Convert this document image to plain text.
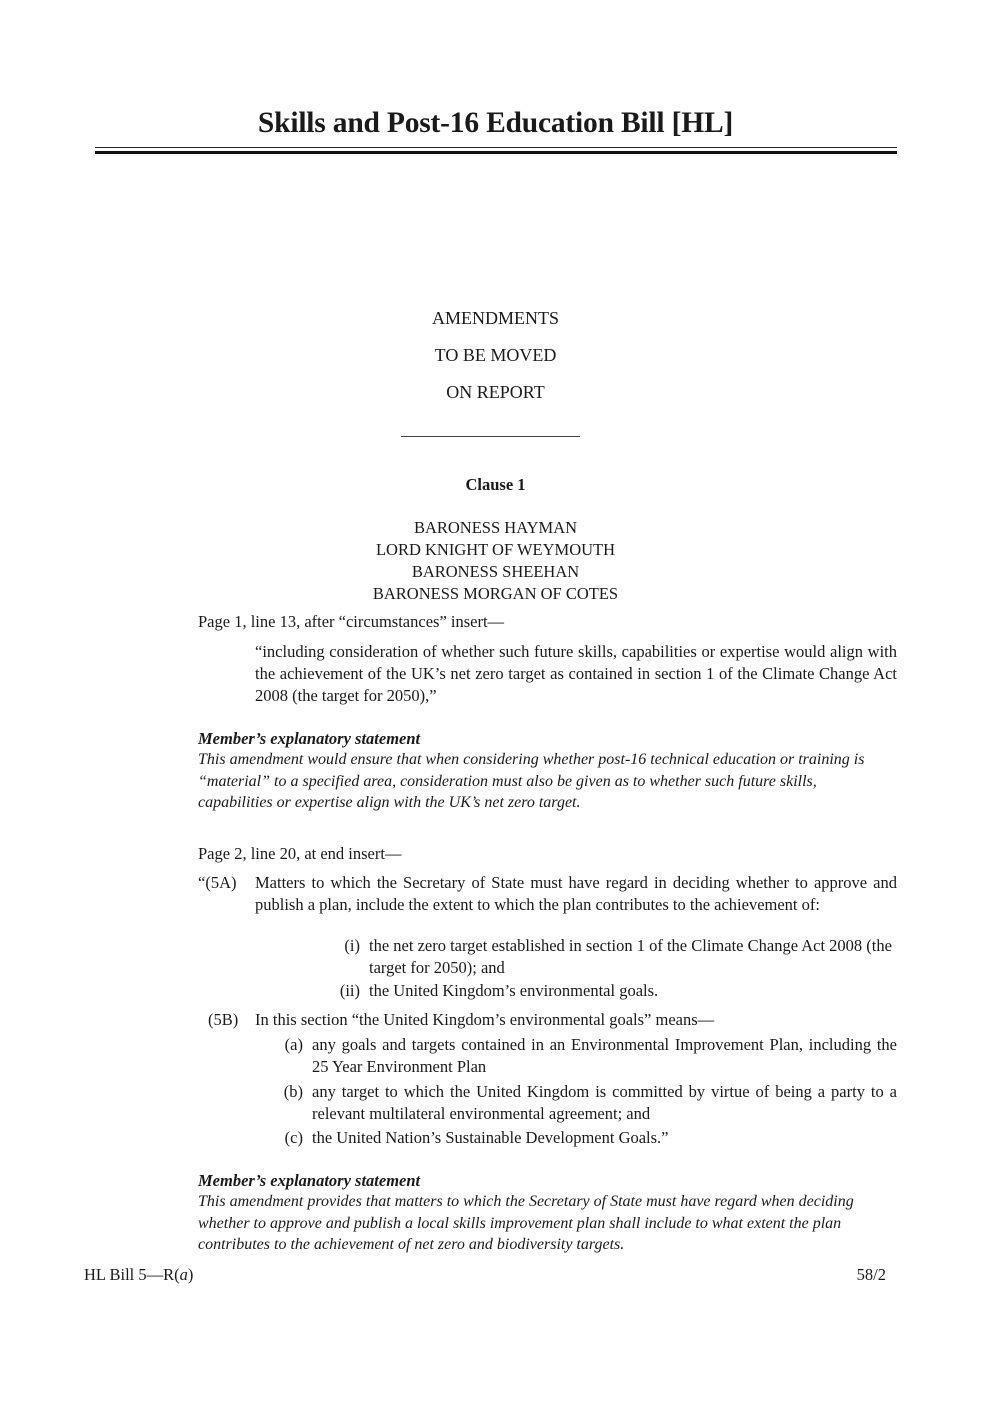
Skills and Post-16 Education Bill [HL]
AMENDMENTS
TO BE MOVED
ON REPORT
Clause 1
BARONESS HAYMAN
LORD KNIGHT OF WEYMOUTH
BARONESS SHEEHAN
BARONESS MORGAN OF COTES
Page 1, line 13, after “circumstances” insert—
“including consideration of whether such future skills, capabilities or expertise would align with the achievement of the UK’s net zero target as contained in section 1 of the Climate Change Act 2008 (the target for 2050),”
Member’s explanatory statement
This amendment would ensure that when considering whether post-16 technical education or training is “material” to a specified area, consideration must also be given as to whether such future skills, capabilities or expertise align with the UK’s net zero target.
Page 2, line 20, at end insert—
“(5A) Matters to which the Secretary of State must have regard in deciding whether to approve and publish a plan, include the extent to which the plan contributes to the achievement of:
(i) the net zero target established in section 1 of the Climate Change Act 2008 (the target for 2050); and
(ii) the United Kingdom’s environmental goals.
(5B) In this section “the United Kingdom’s environmental goals” means—
(a) any goals and targets contained in an Environmental Improvement Plan, including the 25 Year Environment Plan
(b) any target to which the United Kingdom is committed by virtue of being a party to a relevant multilateral environmental agreement; and
(c) the United Nation’s Sustainable Development Goals.”
Member’s explanatory statement
This amendment provides that matters to which the Secretary of State must have regard when deciding whether to approve and publish a local skills improvement plan shall include to what extent the plan contributes to the achievement of net zero and biodiversity targets.
HL Bill 5—R(a)	58/2
